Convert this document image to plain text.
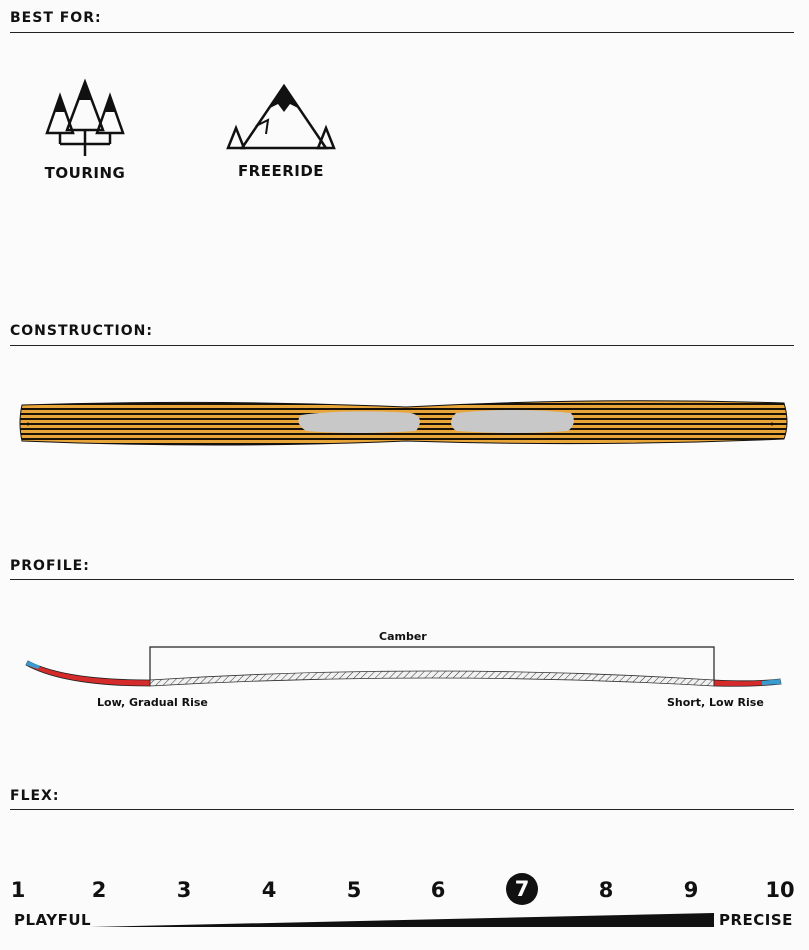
BEST FOR:
TOURING	FREERIDE
CONSTRUCTION:
PROFILE:
Camber
Low, Gradual Rise	Short, Low Rise
FLEX:
1	2	3	4	5	6	7	8	9	10
PLAYFUL	PRECISE
